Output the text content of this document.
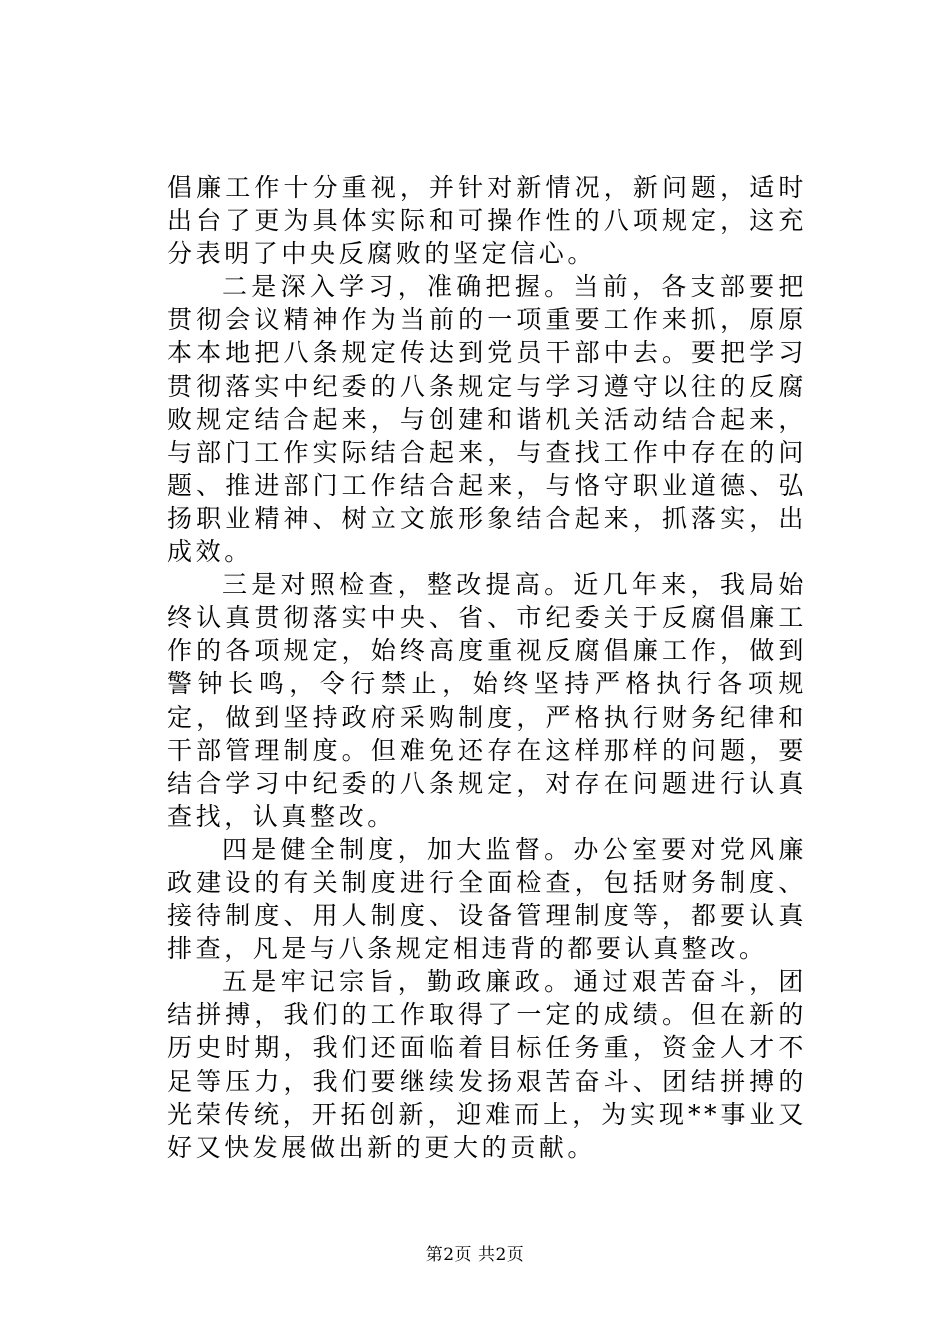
倡廉工作十分重视，并针对新情况，新问题，适时出台了更为具体实际和可操作性的八项规定，这充分表明了中央反腐败的坚定信心。

二是深入学习，准确把握。当前，各支部要把贯彻会议精神作为当前的一项重要工作来抓，原原本本地把八条规定传达到党员干部中去。要把学习贯彻落实中纪委的八条规定与学习遵守以往的反腐败规定结合起来，与创建和谐机关活动结合起来，与部门工作实际结合起来，与查找工作中存在的问题、推进部门工作结合起来，与恪守职业道德、弘扬职业精神、树立文旅形象结合起来，抓落实，出成效。

三是对照检查，整改提高。近几年来，我局始终认真贯彻落实中央、省、市纪委关于反腐倡廉工作的各项规定，始终高度重视反腐倡廉工作，做到警钟长鸣，令行禁止，始终坚持严格执行各项规定，做到坚持政府采购制度，严格执行财务纪律和干部管理制度。但难免还存在这样那样的问题，要结合学习中纪委的八条规定，对存在问题进行认真查找，认真整改。

四是健全制度，加大监督。办公室要对党风廉政建设的有关制度进行全面检查，包括财务制度、接待制度、用人制度、设备管理制度等，都要认真排查，凡是与八条规定相违背的都要认真整改。

五是牢记宗旨，勤政廉政。通过艰苦奋斗，团结拼搏，我们的工作取得了一定的成绩。但在新的历史时期，我们还面临着目标任务重，资金人才不足等压力，我们要继续发扬艰苦奋斗、团结拼搏的光荣传统，开拓创新，迎难而上，为实现**事业又好又快发展做出新的更大的贡献。

第2页 共2页
